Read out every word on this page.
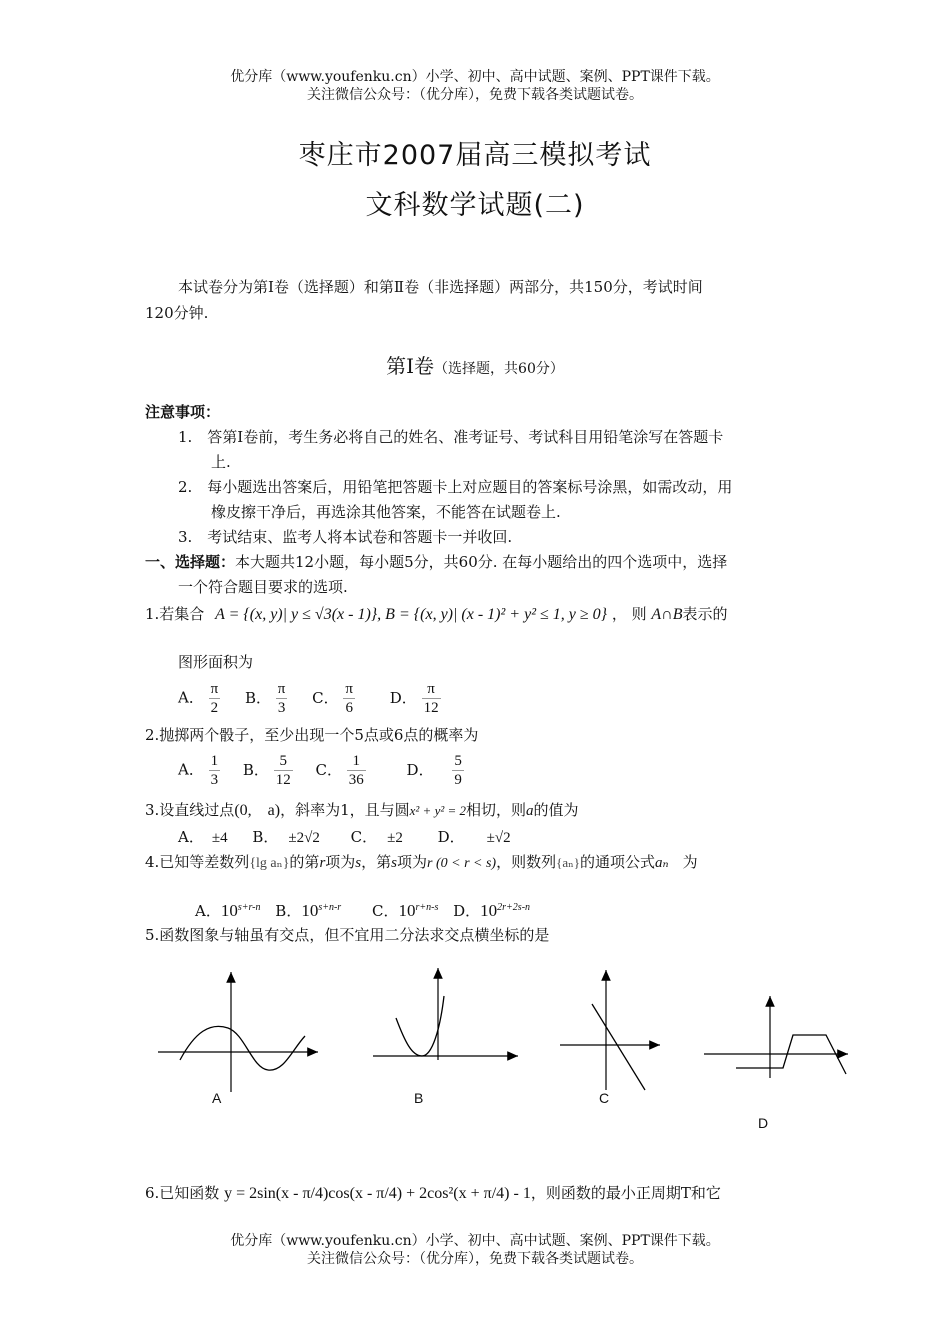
优分库（www.youfenku.cn）小学、初中、高中试题、案例、PPT课件下载。
关注微信公众号：（优分库），免费下载各类试题试卷。
枣庄市2007届高三模拟考试
文科数学试题(二)
本试卷分为第Ⅰ卷（选择题）和第Ⅱ卷（非选择题）两部分，共150分，考试时间
120分钟.
第Ⅰ卷（选择题，共60分）
注意事项：
1.　答第Ⅰ卷前，考生务必将自己的姓名、准考证号、考试科目用铅笔涂写在答题卡
上.
2.　每小题选出答案后，用铅笔把答题卡上对应题目的答案标号涂黑，如需改动，用
橡皮擦干净后，再选涂其他答案，不能答在试题卷上.
3.　考试结束、监考人将本试卷和答题卡一并收回.
一、选择题：本大题共12小题，每小题5分，共60分. 在每小题给出的四个选项中，选择
一个符合题目要求的选项.
1.若集合 A = {(x, y)| y ≤ √3(x - 1)}, B = {(x, y)| (x - 1)² + y² ≤ 1, y ≥ 0} ， 则 A∩B表示的
图形面积为
A． $\frac{\pi}{2}$ B． $\frac{\pi}{3}$ C． $\frac{\pi}{6}$ D． $\frac{\pi}{12}$
2.抛掷两个骰子，至少出现一个5点或6点的概率为
A． $\frac{1}{3}$ B． $\frac{5}{12}$ C． $\frac{1}{36}$	D． $\frac{5}{9}$
3.设直线过点(0,　a)，斜率为1，且与圆x² + y² = 2相切，则a的值为
A． ±4 B． ±2√2 C． ±2 D． ±√2
4.已知等差数列{lg aₙ}的第r项为s，第s项为r (0 < r < s)，则数列{aₙ}的通项公式aₙ 为
A．$10^{s+r-n}$ B．$10^{s+n-r}$ C．$10^{r+n-s}$ D．$10^{2r+2s-n}$
5.函数图象与轴虽有交点，但不宜用二分法求交点横坐标的是
A	B	C
D
6.已知函数 y = 2sin(x - π/4)cos(x - π/4) + 2cos²(x + π/4) - 1，则函数的最小正周期T和它
优分库（www.youfenku.cn）小学、初中、高中试题、案例、PPT课件下载。
关注微信公众号：（优分库），免费下载各类试题试卷。
